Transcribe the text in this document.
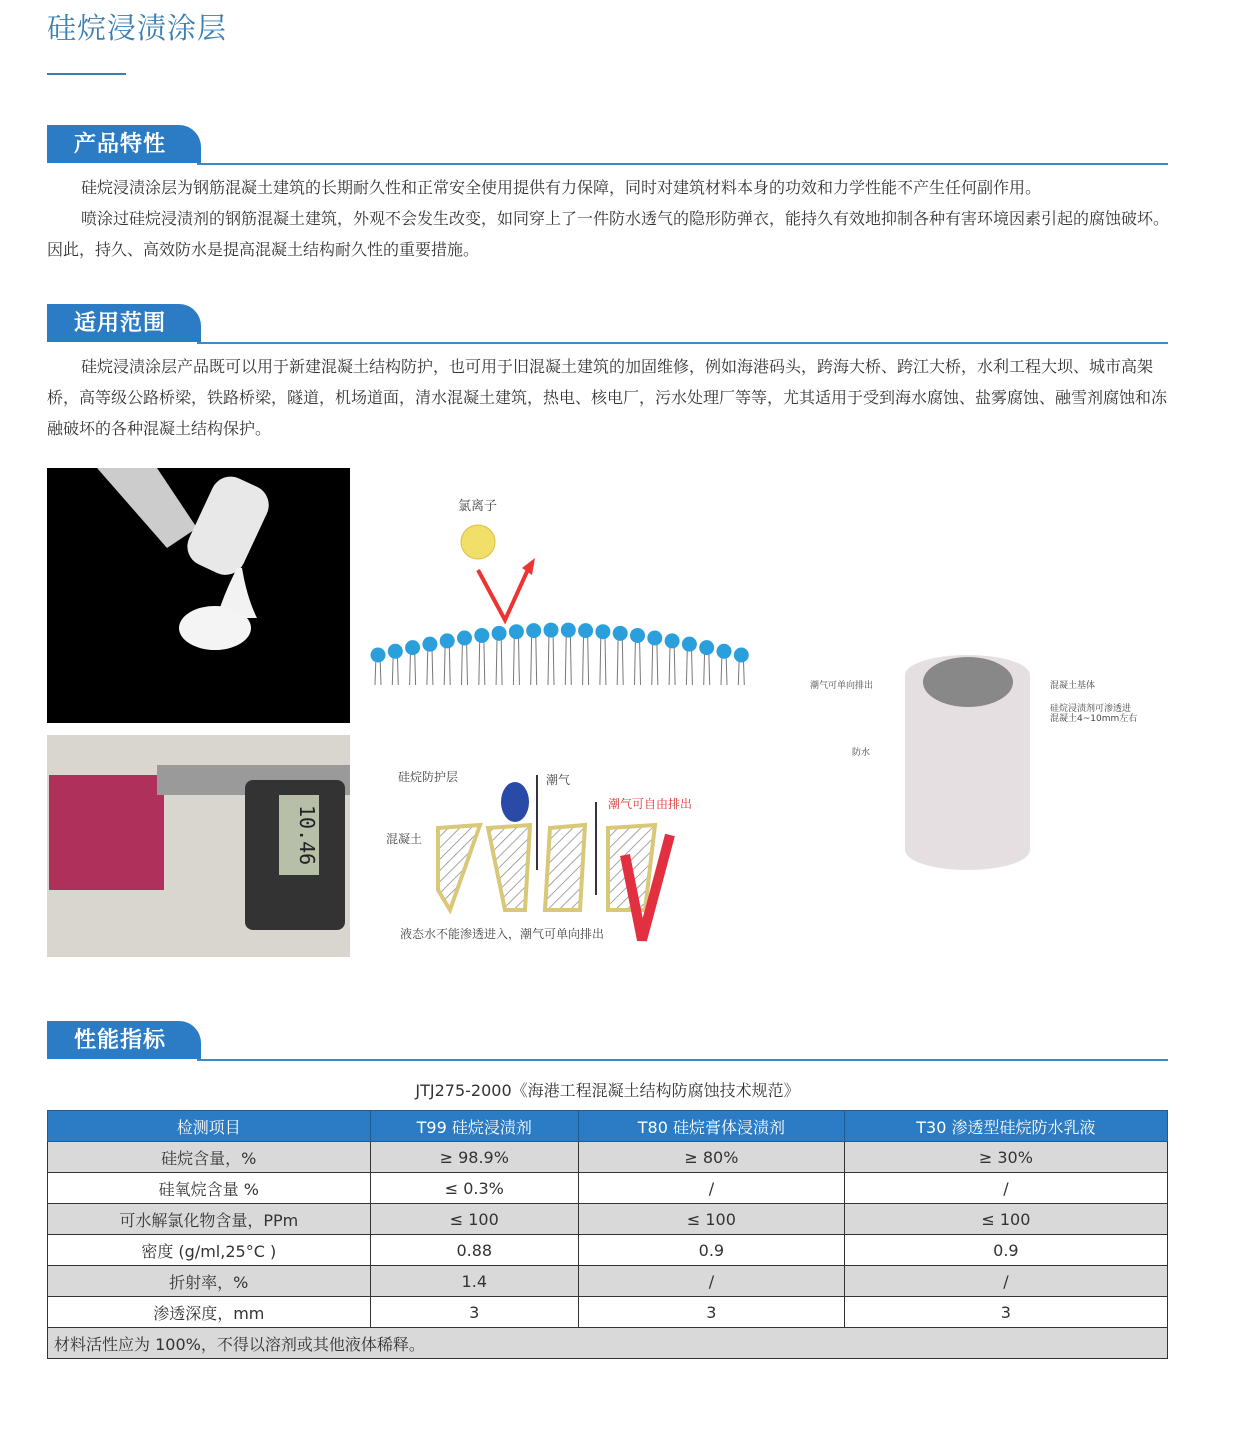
硅烷浸渍涂层
产品特性

硅烷浸渍涂层为钢筋混凝土建筑的长期耐久性和正常安全使用提供有力保障，同时对建筑材料本身的功效和力学性能不产生任何副作用。

喷涂过硅烷浸渍剂的钢筋混凝土建筑，外观不会发生改变，如同穿上了一件防水透气的隐形防弹衣，能持久有效地抑制各种有害环境因素引起的腐蚀破坏。因此，持久、高效防水是提高混凝土结构耐久性的重要措施。

适用范围

硅烷浸渍涂层产品既可以用于新建混凝土结构防护，也可用于旧混凝土建筑的加固维修，例如海港码头，跨海大桥、跨江大桥，水利工程大坝、城市高架桥，高等级公路桥梁，铁路桥梁，隧道，机场道面，清水混凝土建筑，热电、核电厂，污水处理厂等等，尤其适用于受到海水腐蚀、盐雾腐蚀、融雪剂腐蚀和冻融破坏的各种混凝土结构保护。

10.46
氯离子
硅烷防护层
混凝土
潮气
潮气可自由排出
液态水不能渗透进入，潮气可单向排出
潮气可单向排出	混凝土基体
硅烷浸渍剂可渗透进
混凝土4~10mm左右
防水
性能指标
JTJ275-2000《海港工程混凝土结构防腐蚀技术规范》
检测项目	T99 硅烷浸渍剂	T80 硅烷膏体浸渍剂	T30 渗透型硅烷防水乳液
硅烷含量，%	≥ 98.9%	≥ 80%	≥ 30%
硅氧烷含量 %	≤ 0.3%	/	/
可水解氯化物含量，PPm	≤ 100	≤ 100	≤ 100
密度 (g/ml,25°C )	0.88	0.9	0.9
折射率，%	1.4	/	/
渗透深度，mm	3	3	3
材料活性应为 100%，不得以溶剂或其他液体稀释。			
